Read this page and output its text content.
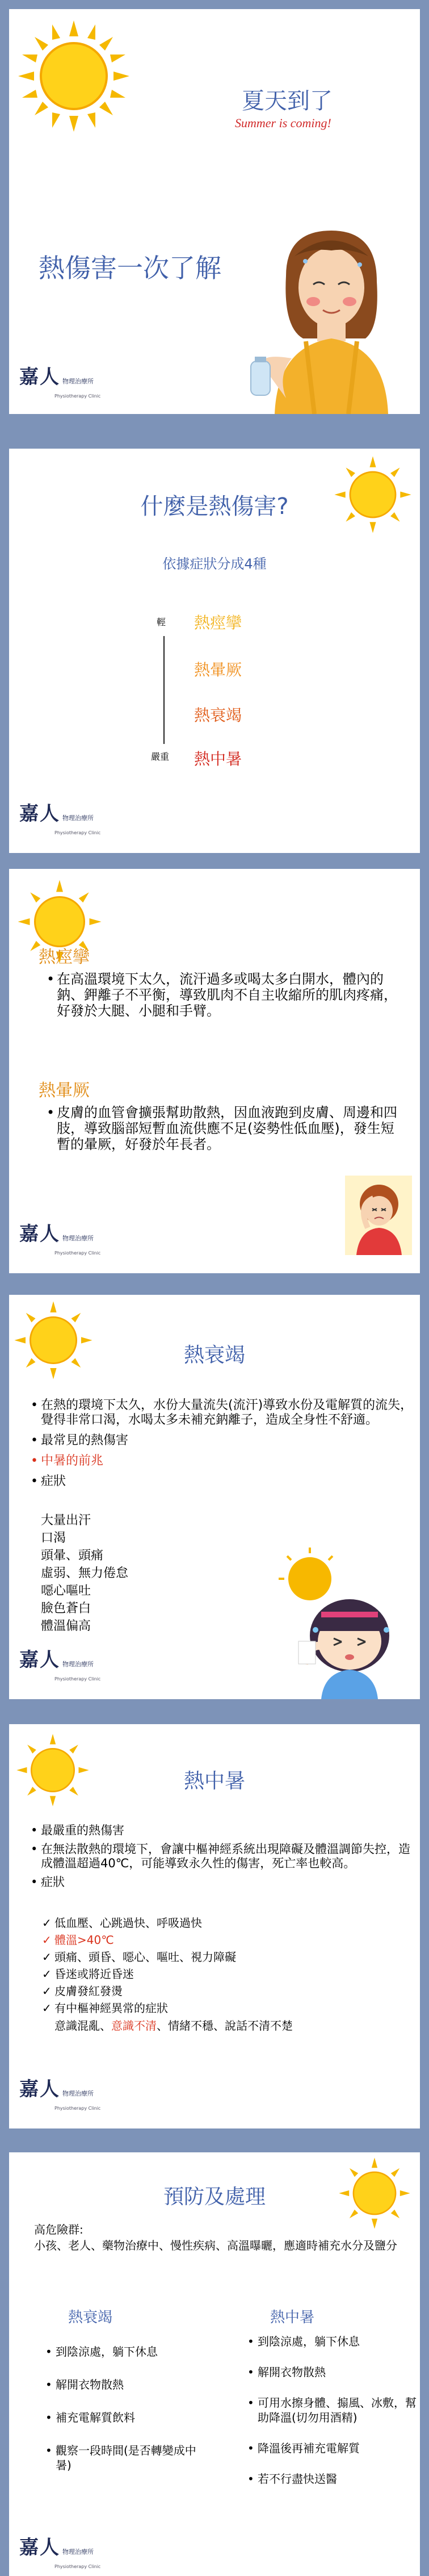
夏天到了
Summer is coming!
熱傷害一次了解
嘉人 物理治療所
Physiotherapy Clinic
什麼是熱傷害?
依據症狀分成4種
輕
嚴重
熱痙攣
熱暈厥
熱衰竭
熱中暑
嘉人 物理治療所
Physiotherapy Clinic
熱痙攣
• 在高溫環境下太久，流汗過多或喝太多白開水，體內的鈉、鉀離子不平衡，導致肌肉不自主收縮所的肌肉疼痛，好發於大腿、小腿和手臂。
熱暈厥
• 皮膚的血管會擴張幫助散熱，因血液跑到皮膚、周邊和四肢，導致腦部短暫血流供應不足(姿勢性低血壓)，發生短暫的暈厥，好發於年長者。
嘉人 物理治療所
Physiotherapy Clinic
熱衰竭
• 在熱的環境下太久，水份大量流失(流汗)導致水份及電解質的流失，覺得非常口渴，水喝太多未補充鈉離子，造成全身性不舒適。
• 最常見的熱傷害
• 中暑的前兆
• 症狀
大量出汗
口渴
頭暈、頭痛
虛弱、無力倦怠
噁心嘔吐
臉色蒼白
體溫偏高
嘉人 物理治療所
Physiotherapy Clinic
熱中暑
• 最嚴重的熱傷害
• 在無法散熱的環境下，會讓中樞神經系統出現障礙及體溫調節失控，造成體溫超過40℃，可能導致永久性的傷害，死亡率也較高。
• 症狀
✓ 低血壓、心跳過快、呼吸過快
✓ 體溫>40℃
✓ 頭痛、頭昏、噁心、嘔吐、視力障礙
✓ 昏迷或將近昏迷
✓ 皮膚發紅發燙
✓ 有中樞神經異常的症狀
意識混亂、意識不清、情緒不穩、說話不清不楚
嘉人 物理治療所
Physiotherapy Clinic
預防及處理
高危險群:
小孩、老人、藥物治療中、慢性疾病、高溫曝曬，應適時補充水分及鹽分
熱衰竭
• 到陰涼處，躺下休息
• 解開衣物散熱
• 補充電解質飲料
• 觀察一段時間(是否轉變成中暑)
熱中暑
• 到陰涼處，躺下休息
• 解開衣物散熱
• 可用水擦身體、搧風、冰敷，幫助降溫(切勿用酒精)
• 降溫後再補充電解質
• 若不行盡快送醫
嘉人 物理治療所
Physiotherapy Clinic
